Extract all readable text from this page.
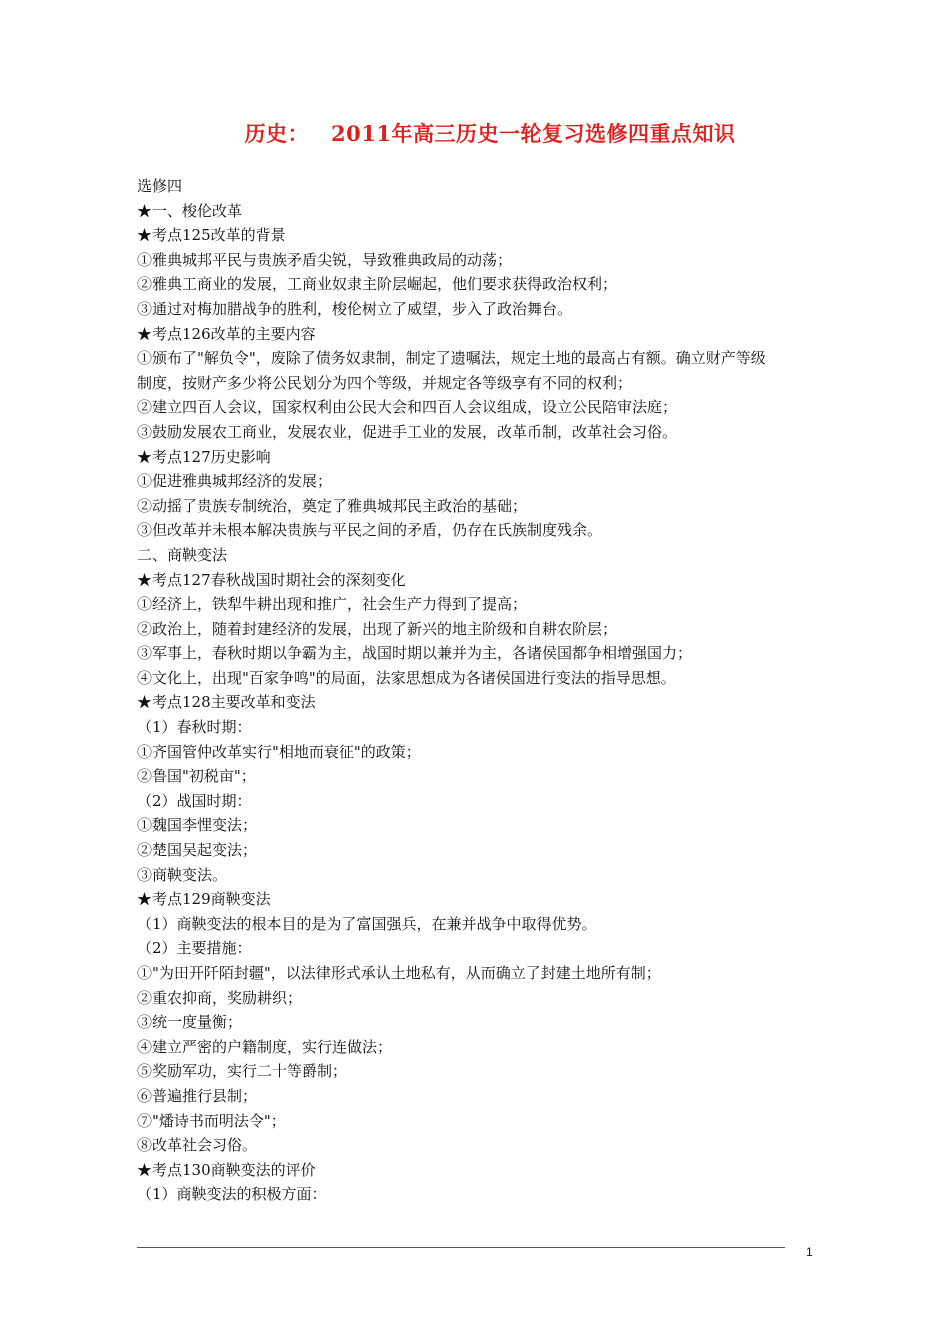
历史： 2011年高三历史一轮复习选修四重点知识
选修四
★一、梭伦改革
★考点125改革的背景
①雅典城邦平民与贵族矛盾尖锐，导致雅典政局的动荡；
②雅典工商业的发展，工商业奴隶主阶层崛起，他们要求获得政治权利；
③通过对梅加腊战争的胜利，梭伦树立了威望，步入了政治舞台。
★考点126改革的主要内容
①颁布了"解负令"，废除了债务奴隶制，制定了遗嘱法，规定土地的最高占有额。确立财产等级
制度，按财产多少将公民划分为四个等级，并规定各等级享有不同的权利；
②建立四百人会议，国家权利由公民大会和四百人会议组成，设立公民陪审法庭；
③鼓励发展农工商业，发展农业，促进手工业的发展，改革币制，改革社会习俗。
★考点127历史影响
①促进雅典城邦经济的发展；
②动摇了贵族专制统治，奠定了雅典城邦民主政治的基础；
③但改革并未根本解决贵族与平民之间的矛盾，仍存在氏族制度残余。
二、商鞅变法
★考点127春秋战国时期社会的深刻变化
①经济上，铁犁牛耕出现和推广，社会生产力得到了提高；
②政治上，随着封建经济的发展，出现了新兴的地主阶级和自耕农阶层；
③军事上，春秋时期以争霸为主，战国时期以兼并为主，各诸侯国都争相增强国力；
④文化上，出现"百家争鸣"的局面，法家思想成为各诸侯国进行变法的指导思想。
★考点128主要改革和变法
（1）春秋时期：
①齐国管仲改革实行"相地而衰征"的政策；
②鲁国"初税亩"；
（2）战国时期：
①魏国李悝变法；
②楚国吴起变法；
③商鞅变法。
★考点129商鞅变法
（1）商鞅变法的根本目的是为了富国强兵，在兼并战争中取得优势。
（2）主要措施：
①"为田开阡陌封疆"，以法律形式承认土地私有，从而确立了封建土地所有制；
②重农抑商，奖励耕织；
③统一度量衡；
④建立严密的户籍制度，实行连做法；
⑤奖励军功，实行二十等爵制；
⑥普遍推行县制；
⑦"燔诗书而明法令"；
⑧改革社会习俗。
★考点130商鞅变法的评价
（1）商鞅变法的积极方面：
1
